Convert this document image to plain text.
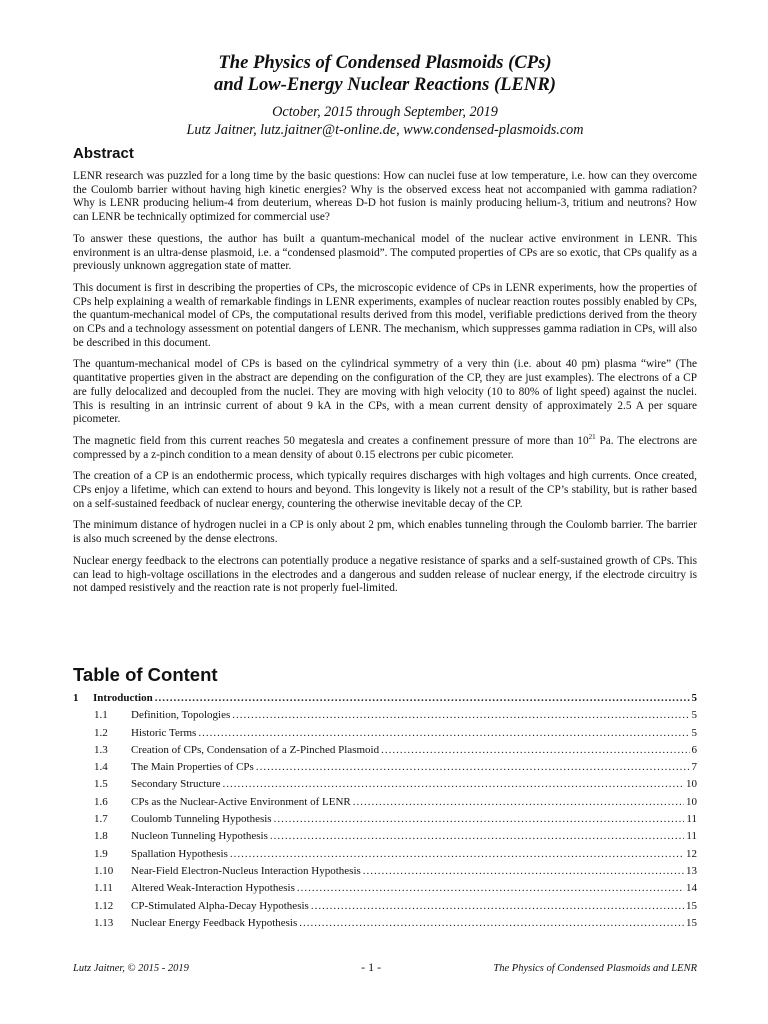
The Physics of Condensed Plasmoids (CPs)
and Low-Energy Nuclear Reactions (LENR)
October, 2015 through September, 2019
Lutz Jaitner, lutz.jaitner@t-online.de, www.condensed-plasmoids.com
Abstract

LENR research was puzzled for a long time by the basic questions: How can nuclei fuse at low temperature, i.e. how can they overcome the Coulomb barrier without having high kinetic energies? Why is the observed excess heat not accompanied with gamma radiation? Why is LENR producing helium-4 from deuterium, whereas D-D hot fusion is mainly producing helium-3, tritium and neutrons? How can LENR be technically optimized for commercial use?

To answer these questions, the author has built a quantum-mechanical model of the nuclear active environment in LENR. This environment is an ultra-dense plasmoid, i.e. a “condensed plasmoid”. The computed properties of CPs are so exotic, that CPs qualify as a previously unknown aggregation state of matter.

This document is first in describing the properties of CPs, the microscopic evidence of CPs in LENR experiments, how the properties of CPs help explaining a wealth of remarkable findings in LENR experiments, examples of nuclear reaction routes possibly enabled by CPs, the quantum-mechanical model of CPs, the computational results derived from this model, verifiable predictions derived from the theory on CPs and a technology assessment on potential dangers of LENR. The mechanism, which suppresses gamma radiation in CPs, will also be described in this document.

The quantum-mechanical model of CPs is based on the cylindrical symmetry of a very thin (i.e. about 40 pm) plasma “wire” (The quantitative properties given in the abstract are depending on the configuration of the CP, they are just examples). The electrons of a CP are fully delocalized and decoupled from the nuclei. They are moving with high velocity (10 to 80% of light speed) against the nuclei. This is resulting in an intrinsic current of about 9 kA in the CPs, with a mean current density of approximately 2.5 A per square picometer.

The magnetic field from this current reaches 50 megatesla and creates a confinement pressure of more than $10^{21}$ Pa. The electrons are compressed by a z-pinch condition to a mean density of about 0.15 electrons per cubic picometer.

The creation of a CP is an endothermic process, which typically requires discharges with high voltages and high currents. Once created, CPs enjoy a lifetime, which can extend to hours and beyond. This longevity is likely not a result of the CP’s stability, but is rather based on a self-sustained feedback of nuclear energy, countering the otherwise inevitable decay of the CP.

The minimum distance of hydrogen nuclei in a CP is only about 2 pm, which enables tunneling through the Coulomb barrier. The barrier is also much screened by the dense electrons.

Nuclear energy feedback to the electrons can potentially produce a negative resistance of sparks and a self-sustained growth of CPs. This can lead to high-voltage oscillations in the electrodes and a dangerous and sudden release of nuclear energy, if the electrode circuitry is not damped resistively and the reaction rate is not properly fuel-limited.

Table of Content
1	Introduction .....	5
1.1	Definition, Topologies .....	5
1.2	Historic Terms .....	5
1.3	Creation of CPs, Condensation of a Z-Pinched Plasmoid .....	6
1.4	The Main Properties of CPs .....	7
1.5	Secondary Structure .....	10
1.6	CPs as the Nuclear-Active Environment of LENR .....	10
1.7	Coulomb Tunneling Hypothesis .....	11
1.8	Nucleon Tunneling Hypothesis .....	11
1.9	Spallation Hypothesis .....	12
1.10	Near-Field Electron-Nucleus Interaction Hypothesis .....	13
1.11	Altered Weak-Interaction Hypothesis .....	14
1.12	CP-Stimulated Alpha-Decay Hypothesis .....	15
1.13	Nuclear Energy Feedback Hypothesis .....	15
Lutz Jaitner, © 2015 - 2019	- 1 -	The Physics of Condensed Plasmoids and LENR
